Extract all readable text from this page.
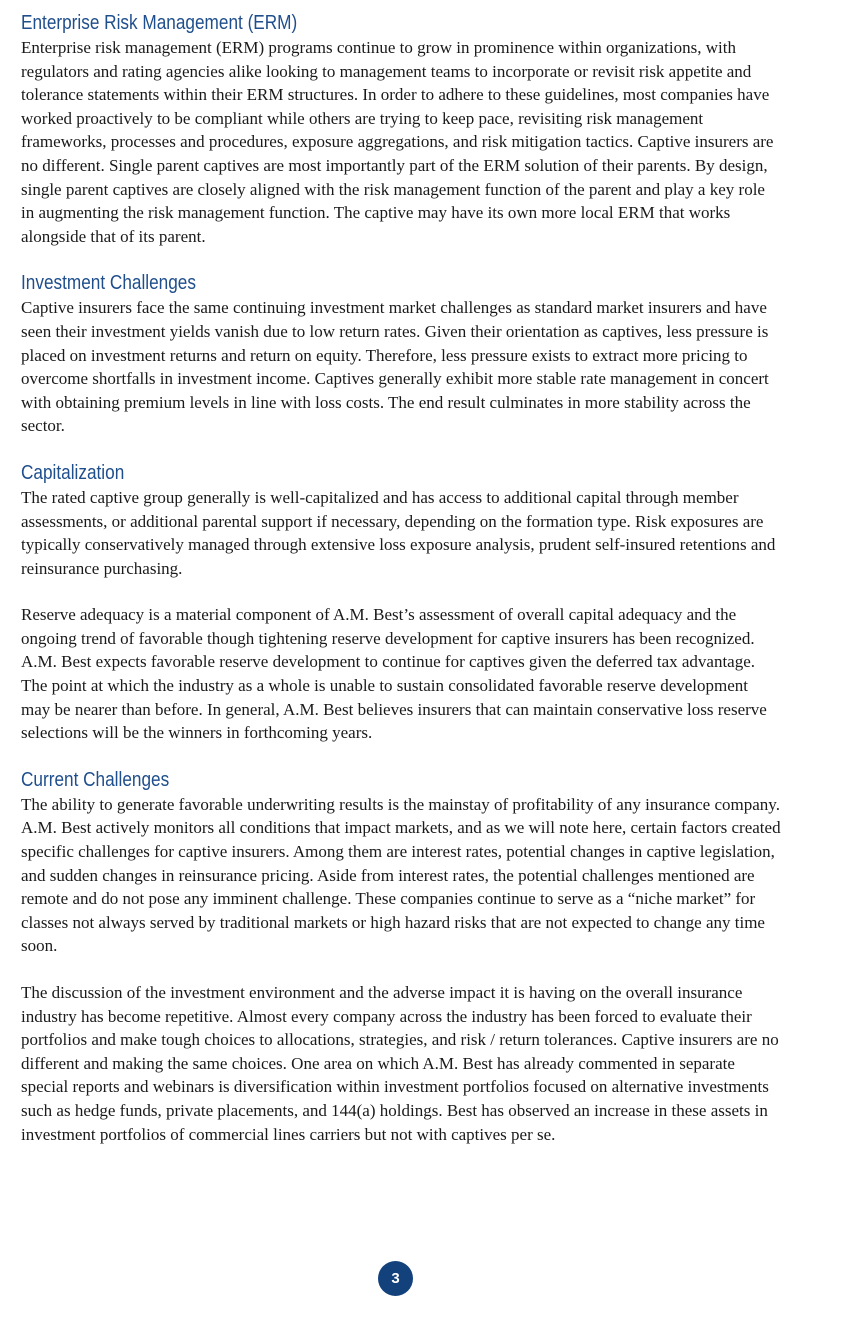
Enterprise Risk Management (ERM)

Enterprise risk management (ERM) programs continue to grow in prominence within organizations, with regulators and rating agencies alike looking to management teams to incorporate or revisit risk appetite and tolerance statements within their ERM structures. In order to adhere to these guidelines, most companies have worked proactively to be compliant while others are trying to keep pace, revisiting risk management frameworks, processes and procedures, exposure aggregations, and risk mitigation tactics. Captive insurers are no different. Single parent captives are most importantly part of the ERM solution of their parents. By design, single parent captives are closely aligned with the risk management function of the parent and play a key role in augmenting the risk management function. The captive may have its own more local ERM that works alongside that of its parent.

Investment Challenges

Captive insurers face the same continuing investment market challenges as standard market insurers and have seen their investment yields vanish due to low return rates. Given their orientation as captives, less pressure is placed on investment returns and return on equity. Therefore, less pressure exists to extract more pricing to overcome shortfalls in investment income. Captives generally exhibit more stable rate management in concert with obtaining premium levels in line with loss costs. The end result culminates in more stability across the sector.

Capitalization

The rated captive group generally is well-capitalized and has access to additional capital through member assessments, or additional parental support if necessary, depending on the formation type. Risk exposures are typically conservatively managed through extensive loss exposure analysis, prudent self-insured retentions and reinsurance purchasing.

Reserve adequacy is a material component of A.M. Best’s assessment of overall capital adequacy and the ongoing trend of favorable though tightening reserve development for captive insurers has been recognized. A.M. Best expects favorable reserve development to continue for captives given the deferred tax advantage. The point at which the industry as a whole is unable to sustain consolidated favorable reserve development may be nearer than before. In general, A.M. Best believes insurers that can maintain conservative loss reserve selections will be the winners in forthcoming years.

Current Challenges

The ability to generate favorable underwriting results is the mainstay of profitability of any insurance company. A.M. Best actively monitors all conditions that impact markets, and as we will note here, certain factors created specific challenges for captive insurers. Among them are interest rates, potential changes in captive legislation, and sudden changes in reinsurance pricing. Aside from interest rates, the potential challenges mentioned are remote and do not pose any imminent challenge. These companies continue to serve as a “niche market” for classes not always served by traditional markets or high hazard risks that are not expected to change any time soon.

The discussion of the investment environment and the adverse impact it is having on the overall insurance industry has become repetitive. Almost every company across the industry has been forced to evaluate their portfolios and make tough choices to allocations, strategies, and risk / return tolerances. Captive insurers are no different and making the same choices. One area on which A.M. Best has already commented in separate special reports and webinars is diversification within investment portfolios focused on alternative investments such as hedge funds, private placements, and 144(a) holdings. Best has observed an increase in these assets in investment portfolios of commercial lines carriers but not with captives per se.

3
